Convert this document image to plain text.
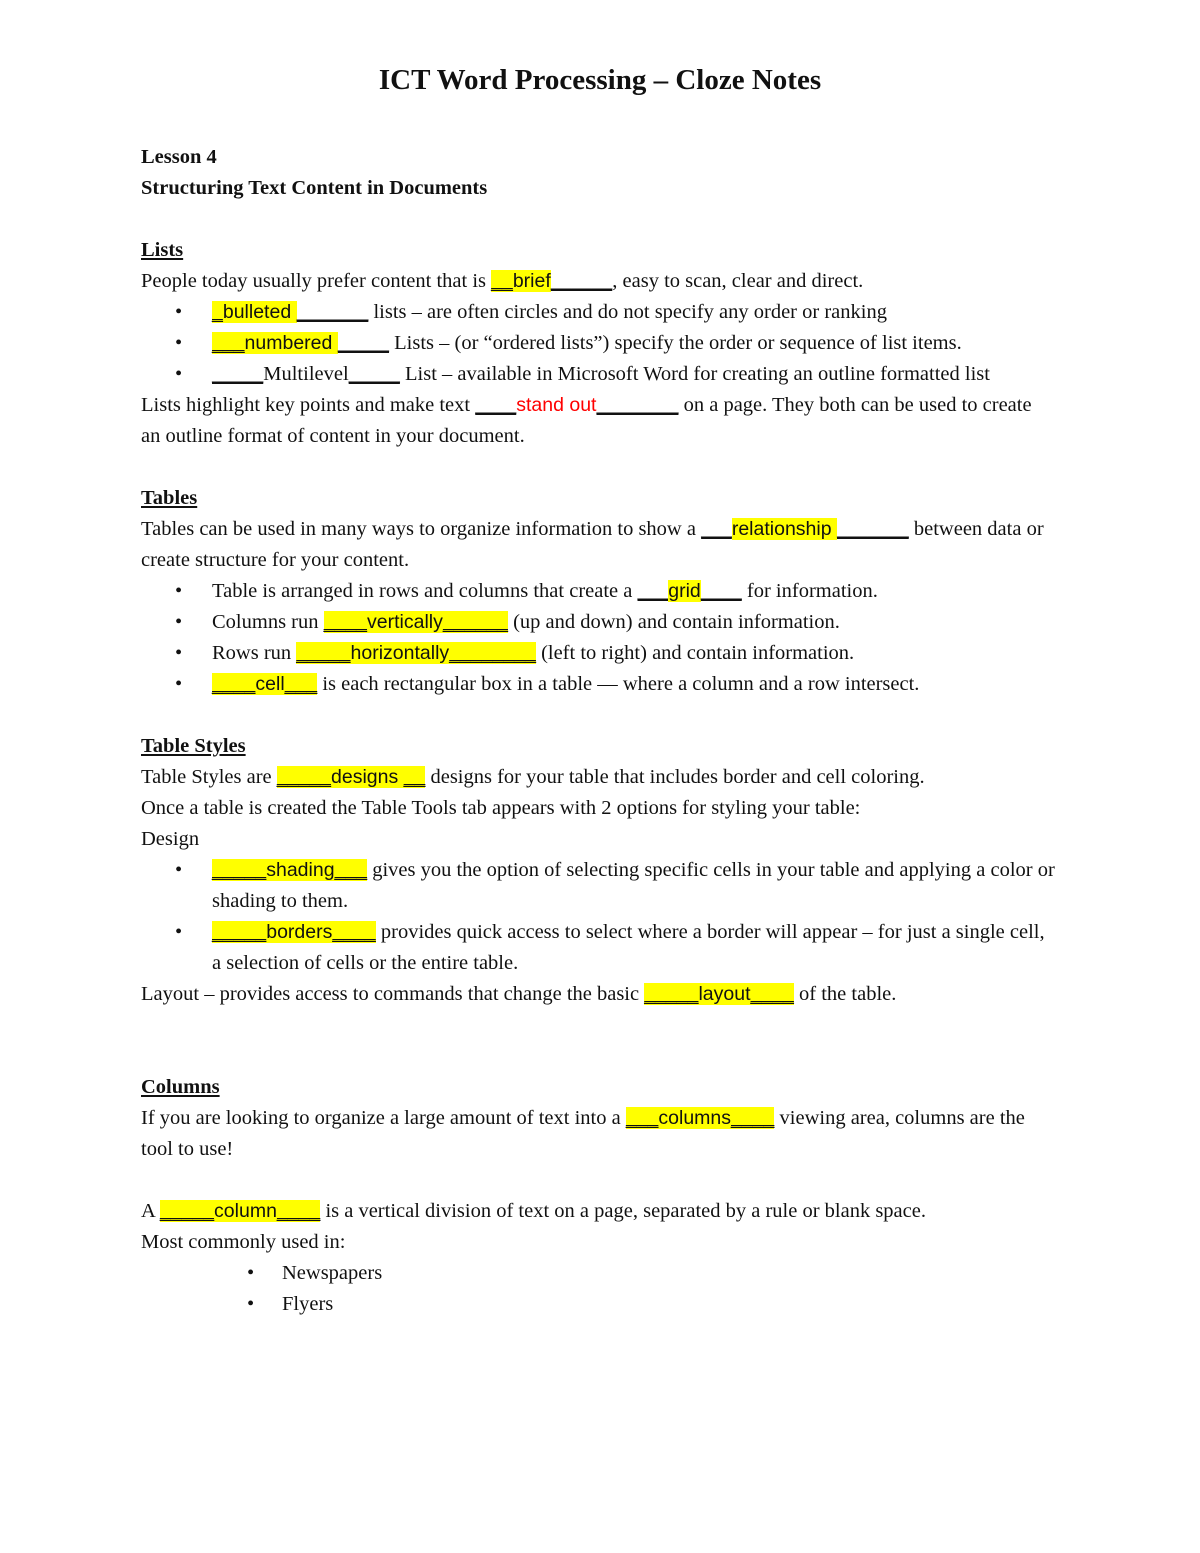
ICT Word Processing – Cloze Notes

Lesson 4

Structuring Text Content in Documents

Lists

People today usually prefer content that is __brief______, easy to scan, clear and direct.

• _bulleted _______ lists – are often circles and do not specify any order or ranking
• ___numbered _____ Lists – (or “ordered lists”) specify the order or sequence of list items.
• _____Multilevel_____ List – available in Microsoft Word for creating an outline formatted list

Lists highlight key points and make text ____stand out________ on a page. They both can be used to create an outline format of content in your document.

Tables

Tables can be used in many ways to organize information to show a ___relationship _______ between data or create structure for your content.

• Table is arranged in rows and columns that create a ___grid____ for information.
• Columns run ____vertically______ (up and down) and contain information.
• Rows run _____horizontally________ (left to right) and contain information.
• ____cell___ is each rectangular box in a table — where a column and a row intersect.

Table Styles

Table Styles are _____designs __ designs for your table that includes border and cell coloring.

Once a table is created the Table Tools tab appears with 2 options for styling your table:

Design

• _____shading___ gives you the option of selecting specific cells in your table and applying a color or shading to them.
• _____borders____ provides quick access to select where a border will appear – for just a single cell, a selection of cells or the entire table.

Layout – provides access to commands that change the basic _____layout____ of the table.

Columns

If you are looking to organize a large amount of text into a ___columns____ viewing area, columns are the tool to use!

A _____column____ is a vertical division of text on a page, separated by a rule or blank space.

Most commonly used in:

• Newspapers
• Flyers
